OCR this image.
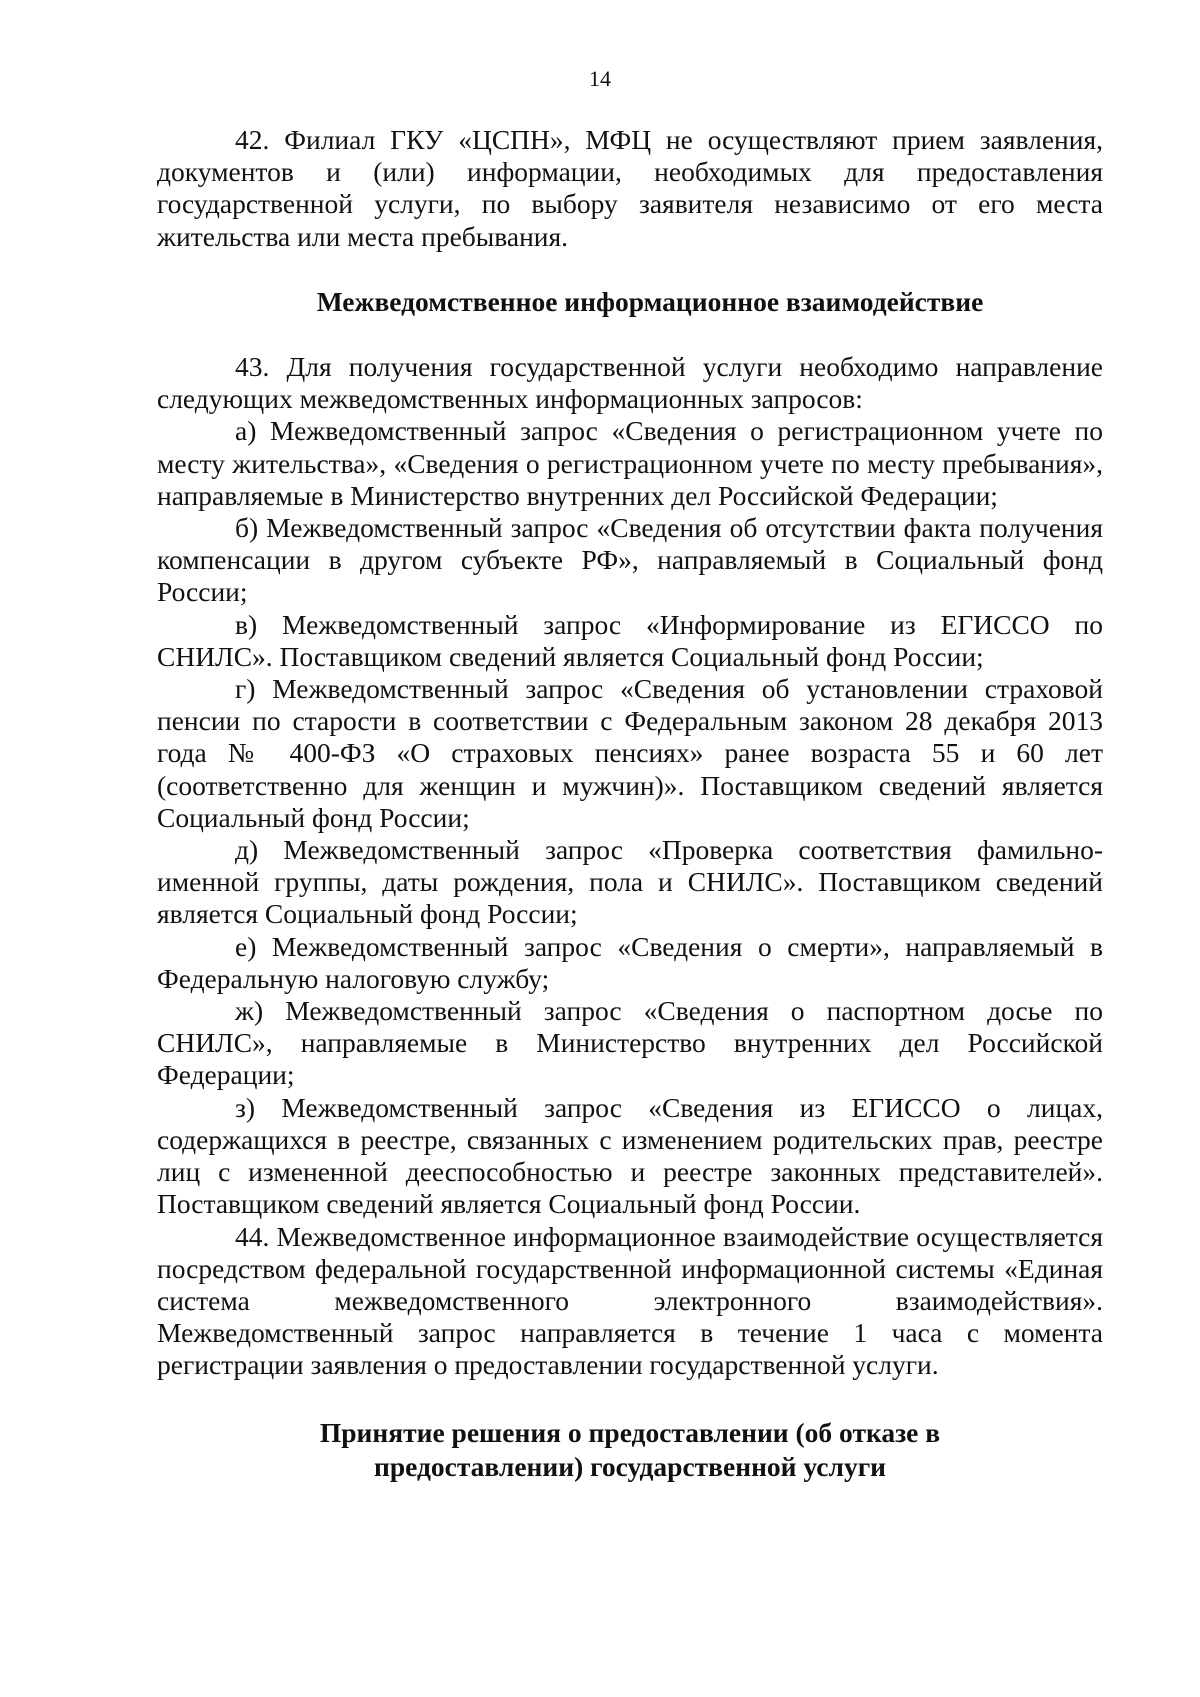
14

42. Филиал ГКУ «ЦСПН», МФЦ не осуществляют прием заявления, документов и (или) информации, необходимых для предоставления государственной услуги, по выбору заявителя независимо от его места жительства или места пребывания.

Межведомственное информационное взаимодействие

43. Для получения государственной услуги необходимо направление следующих межведомственных информационных запросов:

а) Межведомственный запрос «Сведения о регистрационном учете по месту жительства», «Сведения о регистрационном учете по месту пребывания», направляемые в Министерство внутренних дел Российской Федерации;

б) Межведомственный запрос «Сведения об отсутствии факта получения компенсации в другом субъекте РФ», направляемый в Социальный фонд России;

в) Межведомственный запрос «Информирование из ЕГИССО по СНИЛС». Поставщиком сведений является Социальный фонд России;

г) Межведомственный запрос «Сведения об установлении страховой пенсии по старости в соответствии с Федеральным законом 28 декабря 2013 года № 400-ФЗ «О страховых пенсиях» ранее возраста 55 и 60 лет (соответственно для женщин и мужчин)». Поставщиком сведений является Социальный фонд России;

д) Межведомственный запрос «Проверка соответствия фамильно-именной группы, даты рождения, пола и СНИЛС». Поставщиком сведений является Социальный фонд России;

е) Межведомственный запрос «Сведения о смерти», направляемый в Федеральную налоговую службу;

ж) Межведомственный запрос «Сведения о паспортном досье по СНИЛС», направляемые в Министерство внутренних дел Российской Федерации;

з) Межведомственный запрос «Сведения из ЕГИССО о лицах, содержащихся в реестре, связанных с изменением родительских прав, реестре лиц с измененной дееспособностью и реестре законных представителей». Поставщиком сведений является Социальный фонд России.

44. Межведомственное информационное взаимодействие осуществляется посредством федеральной государственной информационной системы «Единая система межведомственного электронного взаимодействия». Межведомственный запрос направляется в течение 1 часа с момента регистрации заявления о предоставлении государственной услуги.

Принятие решения о предоставлении (об отказе в
предоставлении) государственной услуги
